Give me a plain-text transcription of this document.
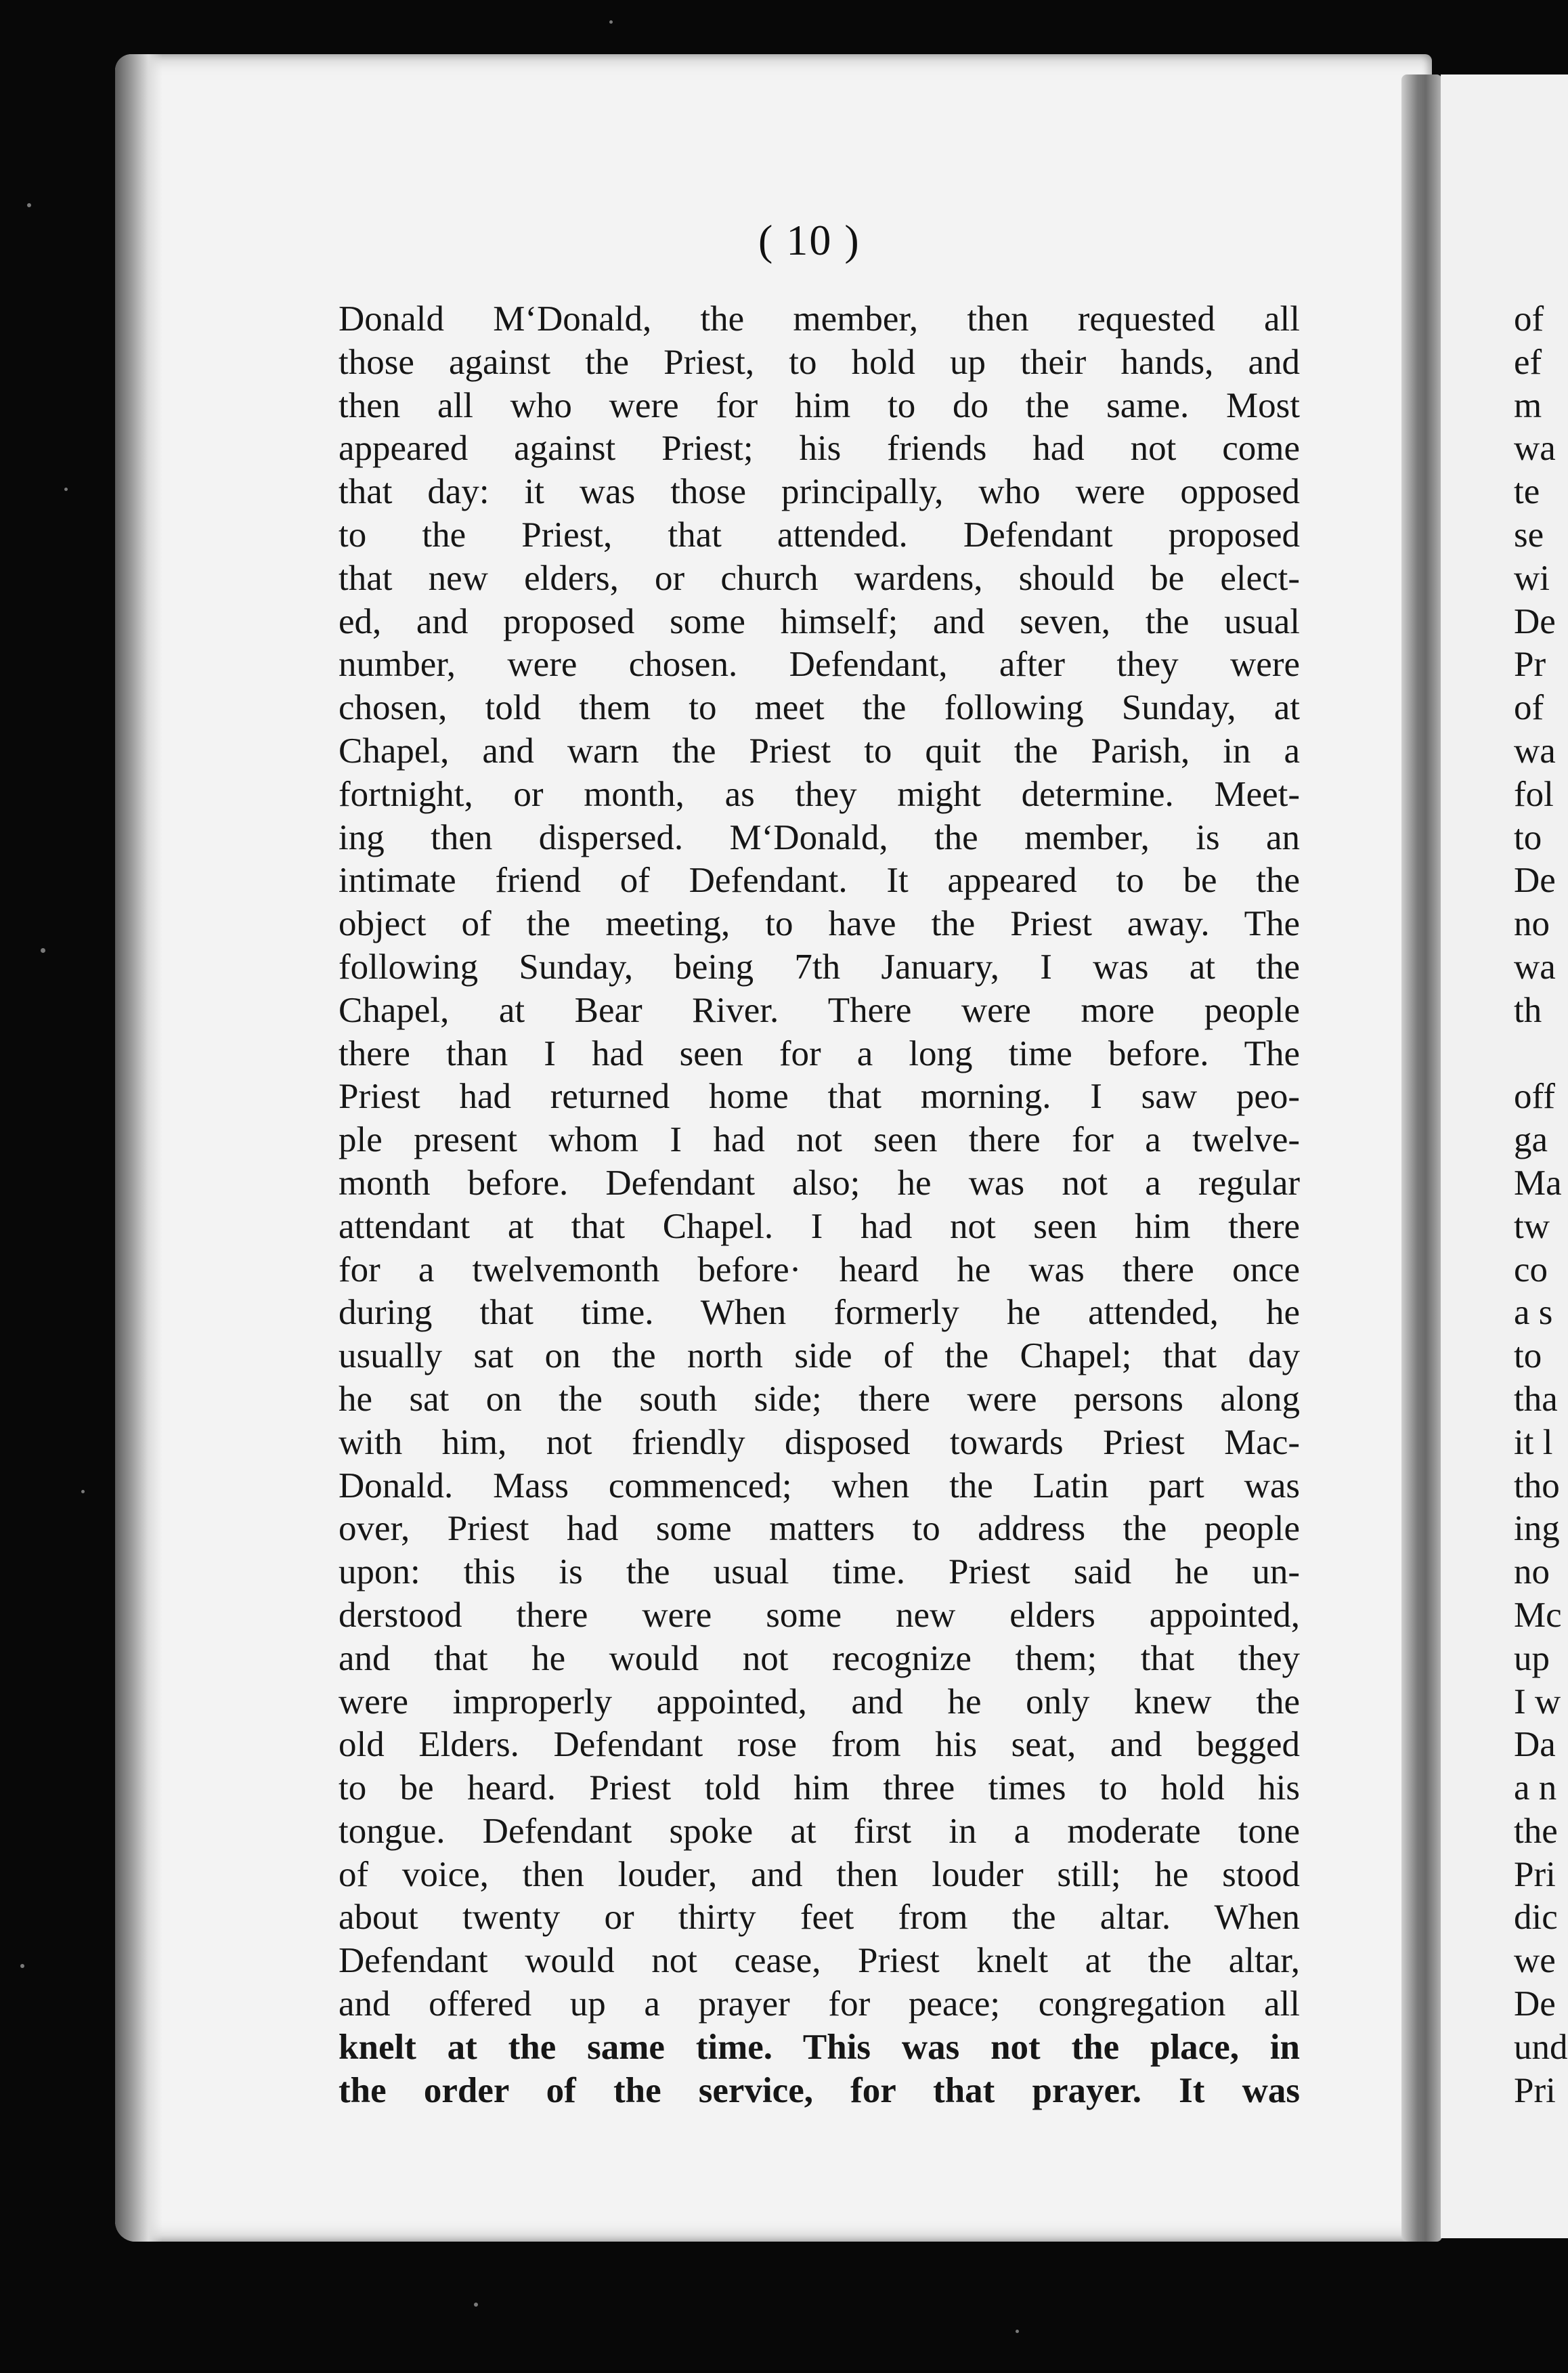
( 10 )
Donald M‘Donald, the member, then requested all
those against the Priest, to hold up their hands, and
then all who were for him to do the same. Most
appeared against Priest; his friends had not come
that day: it was those principally, who were opposed
to the Priest, that attended. Defendant proposed
that new elders, or church wardens, should be elect-
ed, and proposed some himself; and seven, the usual
number, were chosen. Defendant, after they were
chosen, told them to meet the following Sunday, at
Chapel, and warn the Priest to quit the Parish, in a
fortnight, or month, as they might determine. Meet-
ing then dispersed. M‘Donald, the member, is an
intimate friend of Defendant. It appeared to be the
object of the meeting, to have the Priest away. The
following Sunday, being 7th January, I was at the
Chapel, at Bear River. There were more people
there than I had seen for a long time before. The
Priest had returned home that morning. I saw peo-
ple present whom I had not seen there for a twelve-
month before. Defendant also; he was not a regular
attendant at that Chapel. I had not seen him there
for a twelvemonth before· heard he was there once
during that time. When formerly he attended, he
usually sat on the north side of the Chapel; that day
he sat on the south side; there were persons along
with him, not friendly disposed towards Priest Mac-
Donald. Mass commenced; when the Latin part was
over, Priest had some matters to address the people
upon: this is the usual time. Priest said he un-
derstood there were some new elders appointed,
and that he would not recognize them; that they
were improperly appointed, and he only knew the
old Elders. Defendant rose from his seat, and begged
to be heard. Priest told him three times to hold his
tongue. Defendant spoke at first in a moderate tone
of voice, then louder, and then louder still; he stood
about twenty or thirty feet from the altar. When
Defendant would not cease, Priest knelt at the altar,
and offered up a prayer for peace; congregation all
knelt at the same time. This was not the place, in
the order of the service, for that prayer. It was
of
ef
m
wa
te
se
wi
De
Pr
of
wa
fol
to
De
no
wa
th
off
ga
Ma
tw
co
a s
to
tha
it l
tho
ing
no
Mc
up
I w
Da
a n
the
Pri
dic
we
De
und
Pri
